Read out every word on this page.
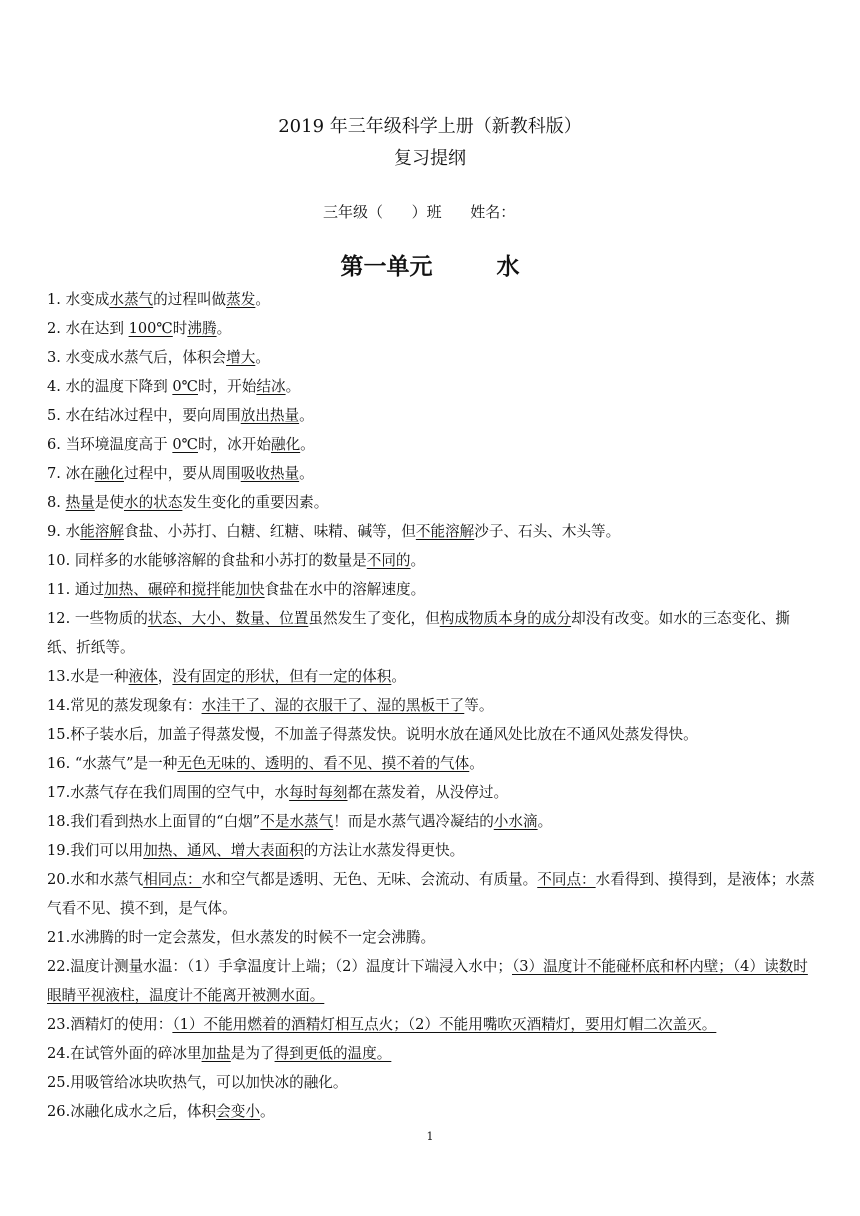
2019 年三年级科学上册（新教科版）
复习提纲
三年级（      ）班      姓名：
第一单元        水
1. 水变成水蒸气的过程叫做蒸发。
2. 水在达到 100℃时沸腾。
3. 水变成水蒸气后，体积会增大。
4. 水的温度下降到 0℃时，开始结冰。
5. 水在结冰过程中，要向周围放出热量。
6. 当环境温度高于 0℃时，冰开始融化。
7. 冰在融化过程中，要从周围吸收热量。
8. 热量是使水的状态发生变化的重要因素。
9. 水能溶解食盐、小苏打、白糖、红糖、味精、碱等，但不能溶解沙子、石头、木头等。
10. 同样多的水能够溶解的食盐和小苏打的数量是不同的。
11. 通过加热、碾碎和搅拌能加快食盐在水中的溶解速度。
12. 一些物质的状态、大小、数量、位置虽然发生了变化，但构成物质本身的成分却没有改变。如水的三态变化、撕纸、折纸等。
13.水是一种液体，没有固定的形状，但有一定的体积。
14.常见的蒸发现象有：水洼干了、湿的衣服干了、湿的黑板干了等。
15.杯子装水后，加盖子得蒸发慢，不加盖子得蒸发快。说明水放在通风处比放在不通风处蒸发得快。
16. “水蒸气”是一种无色无味的、透明的、看不见、摸不着的气体。
17.水蒸气存在我们周围的空气中，水每时每刻都在蒸发着，从没停过。
18.我们看到热水上面冒的“白烟”不是水蒸气！而是水蒸气遇冷凝结的小水滴。
19.我们可以用加热、通风、增大表面积的方法让水蒸发得更快。
20.水和水蒸气相同点：水和空气都是透明、无色、无味、会流动、有质量。不同点：水看得到、摸得到，是液体；水蒸气看不见、摸不到，是气体。
21.水沸腾的时一定会蒸发，但水蒸发的时候不一定会沸腾。
22.温度计测量水温：（1）手拿温度计上端；（2）温度计下端浸入水中；（3）温度计不能碰杯底和杯内壁；（4）读数时眼睛平视液柱，温度计不能离开被测水面。
23.酒精灯的使用：（1）不能用燃着的酒精灯相互点火；（2）不能用嘴吹灭酒精灯，要用灯帽二次盖灭。
24.在试管外面的碎冰里加盐是为了得到更低的温度。
25.用吸管给冰块吹热气，可以加快冰的融化。
26.冰融化成水之后，体积会变小。
1
